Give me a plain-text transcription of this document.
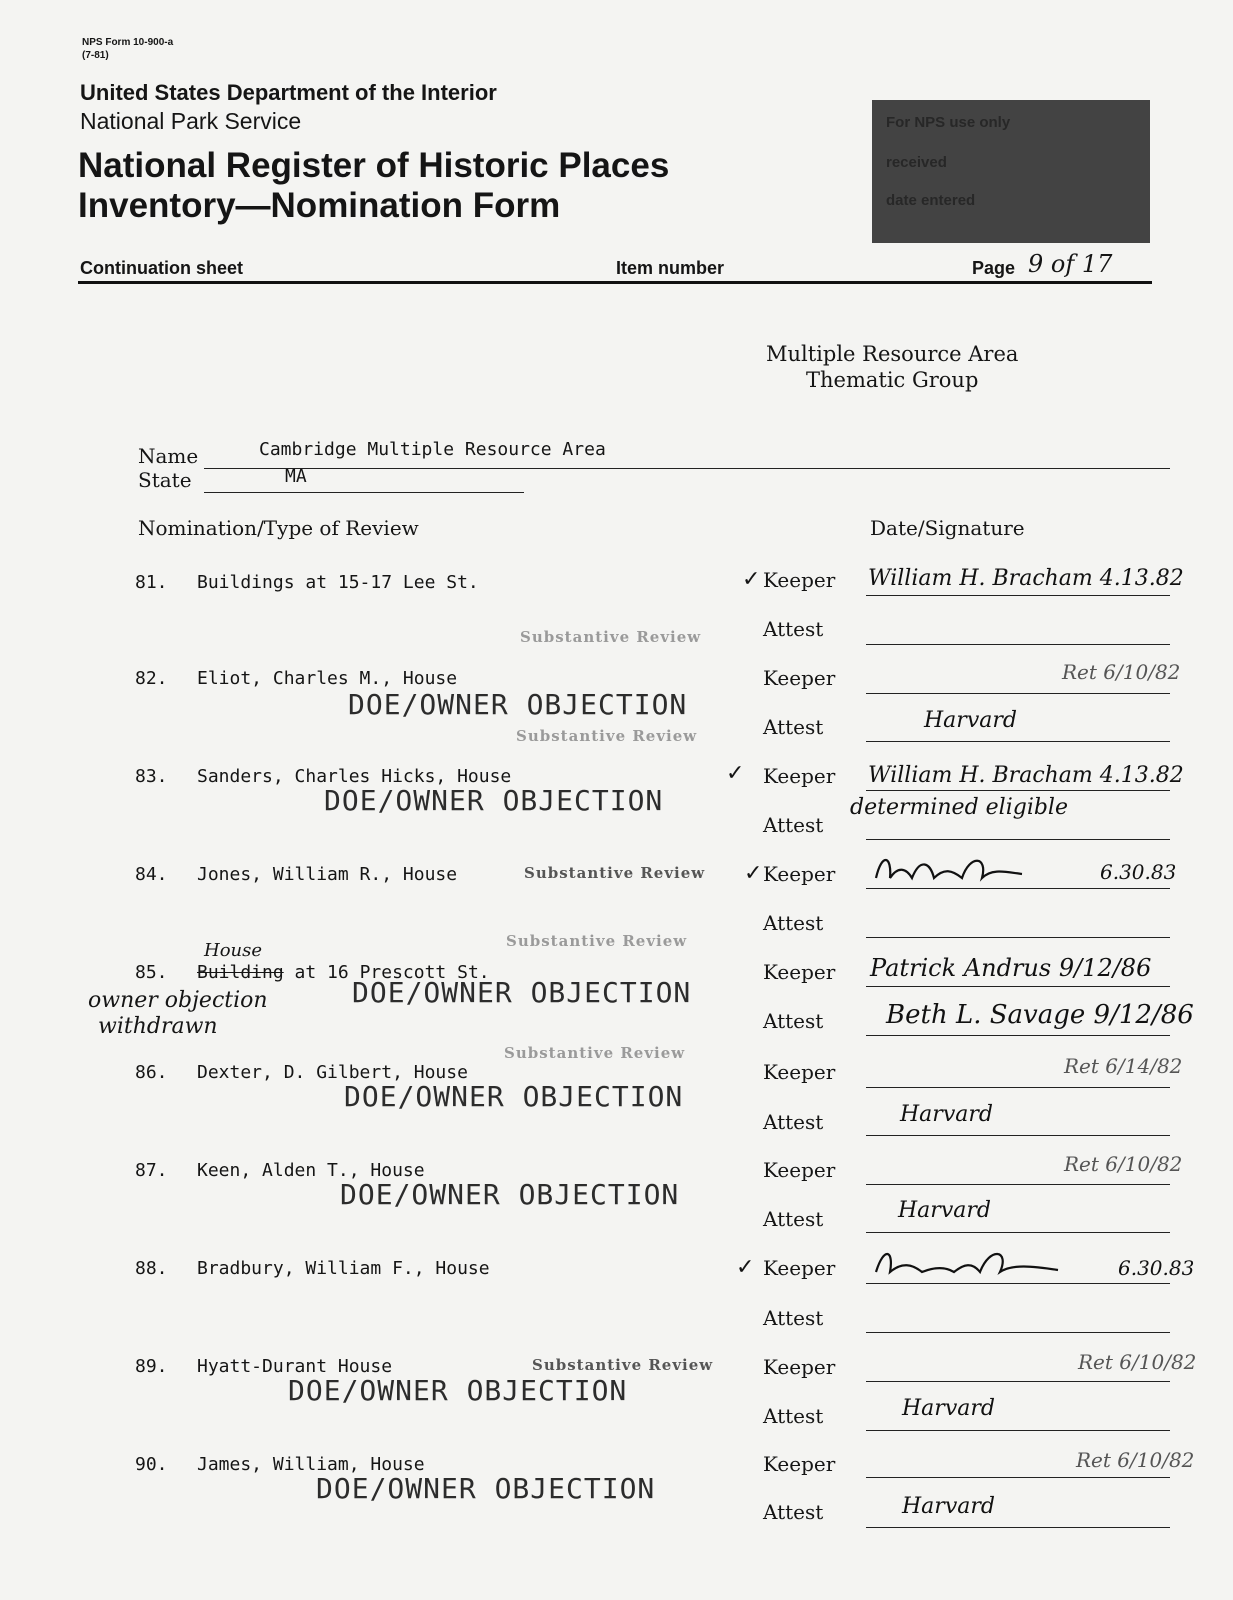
NPS Form 10-900-a
(7-81)
United States Department of the Interior
National Park Service
National Register of Historic Places
Inventory—Nomination Form
For NPS use only
received
date entered
Continuation sheet	Item number	Page 9 of 17
Multiple Resource Area
Thematic Group
Name	Cambridge Multiple Resource Area
State	MA
Nomination/Type of Review	Date/Signature
81. Buildings at 15-17 Lee St.
Substantive Review
✓ Keeper William H. Bracham 4.13.82
Attest
82. Eliot, Charles M., House
DOE/OWNER OBJECTION
Substantive Review
Keeper	Ret 6/10/82
Attest	Harvard
83. Sanders, Charles Hicks, House
DOE/OWNER OBJECTION
✓ Keeper William H. Bracham 4.13.82
determined eligible
Attest
84. Jones, William R., House	Substantive Review ✓ Keeper	6.30.83
Attest
85.
House
Building at 16 Prescott St.
DOE/OWNER OBJECTION
Substantive Review
owner objection
withdrawn
Keeper Patrick Andrus 9/12/86
Attest Beth L. Savage 9/12/86
86. Dexter, D. Gilbert, House
DOE/OWNER OBJECTION
Substantive Review
Keeper	Ret 6/14/82
Attest	Harvard
87. Keen, Alden T., House
DOE/OWNER OBJECTION
Keeper	Ret 6/10/82
Attest	Harvard
88. Bradbury, William F., House	✓ Keeper	6.30.83
Attest
89. Hyatt-Durant House
DOE/OWNER OBJECTION
Substantive Review Keeper	Ret 6/10/82
Attest	Harvard
90. James, William, House
DOE/OWNER OBJECTION
Keeper	Ret 6/10/82
Attest	Harvard
